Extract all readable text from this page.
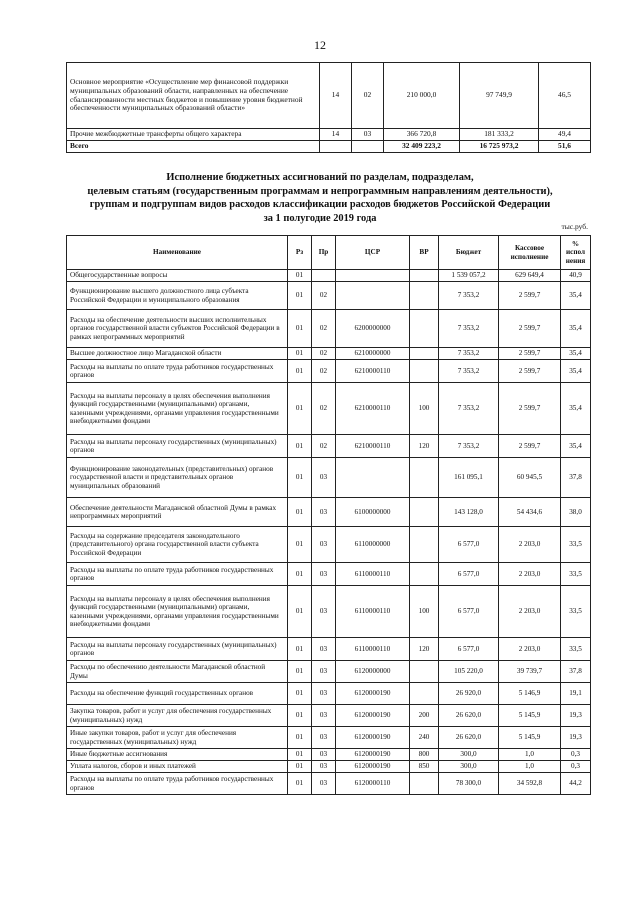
12
Основное мероприятие «Осуществление мер финансовой поддержки муниципальных образований области, направленных на обеспечение сбалансированности местных бюджетов и повышение уровня бюджетной обеспеченности муниципальных образований области»	14	02	210 000,0	97 749,9	46,5
Прочие межбюджетные трансферты общего характера	14	03	366 720,8	181 333,2	49,4
Всего			32 409 223,2	16 725 973,2	51,6
Исполнение бюджетных ассигнований по разделам, подразделам,
целевым статьям (государственным программам и непрограммным направлениям деятельности),
группам и подгруппам видов расходов классификации расходов бюджетов Российской Федерации
за 1 полугодие 2019 года
тыс.руб.
Наименование	Рз	Пр	ЦСР	ВР	Бюджет	Кассовое исполнение	% испол нения
Общегосударственные вопросы	01				1 539 057,2	629 649,4	40,9
Функционирование высшего должностного лица субъекта Российской Федерации и муниципального образования	01	02			7 353,2	2 599,7	35,4
Расходы на обеспечение деятельности высших исполнительных органов государственной власти субъектов Российской Федерации в рамках непрограммных мероприятий	01	02	6200000000		7 353,2	2 599,7	35,4
Высшее должностное лицо Магаданской области	01	02	6210000000		7 353,2	2 599,7	35,4
Расходы на выплаты по оплате труда работников государственных органов	01	02	6210000110		7 353,2	2 599,7	35,4
Расходы на выплаты персоналу в целях обеспечения выполнения функций государственными (муниципальными) органами, казенными учреждениями, органами управления государственными внебюджетными фондами	01	02	6210000110	100	7 353,2	2 599,7	35,4
Расходы на выплаты персоналу государственных (муниципальных) органов	01	02	6210000110	120	7 353,2	2 599,7	35,4
Функционирование законодательных (представительных) органов государственной власти и представительных органов муниципальных образований	01	03			161 095,1	60 945,5	37,8
Обеспечение деятельности Магаданской областной Думы в рамках непрограммных мероприятий	01	03	6100000000		143 128,0	54 434,6	38,0
Расходы на содержание председателя законодательного (представительного) органа государственной власти субъекта Российской Федерации	01	03	6110000000		6 577,0	2 203,0	33,5
Расходы на выплаты по оплате труда работников государственных органов	01	03	6110000110		6 577,0	2 203,0	33,5
Расходы на выплаты персоналу в целях обеспечения выполнения функций государственными (муниципальными) органами, казенными учреждениями, органами управления государственными внебюджетными фондами	01	03	6110000110	100	6 577,0	2 203,0	33,5
Расходы на выплаты персоналу государственных (муниципальных) органов	01	03	6110000110	120	6 577,0	2 203,0	33,5
Расходы по обеспечению деятельности Магаданской областной Думы	01	03	6120000000		105 220,0	39 739,7	37,8
Расходы на обеспечение функций государственных органов	01	03	6120000190		26 920,0	5 146,9	19,1
Закупка товаров, работ и услуг для обеспечения государственных (муниципальных) нужд	01	03	6120000190	200	26 620,0	5 145,9	19,3
Иные закупки товаров, работ и услуг для обеспечения государственных (муниципальных) нужд	01	03	6120000190	240	26 620,0	5 145,9	19,3
Иные бюджетные ассигнования	01	03	6120000190	800	300,0	1,0	0,3
Уплата налогов, сборов и иных платежей	01	03	6120000190	850	300,0	1,0	0,3
Расходы на выплаты по оплате труда работников государственных органов	01	03	6120000110		78 300,0	34 592,8	44,2
